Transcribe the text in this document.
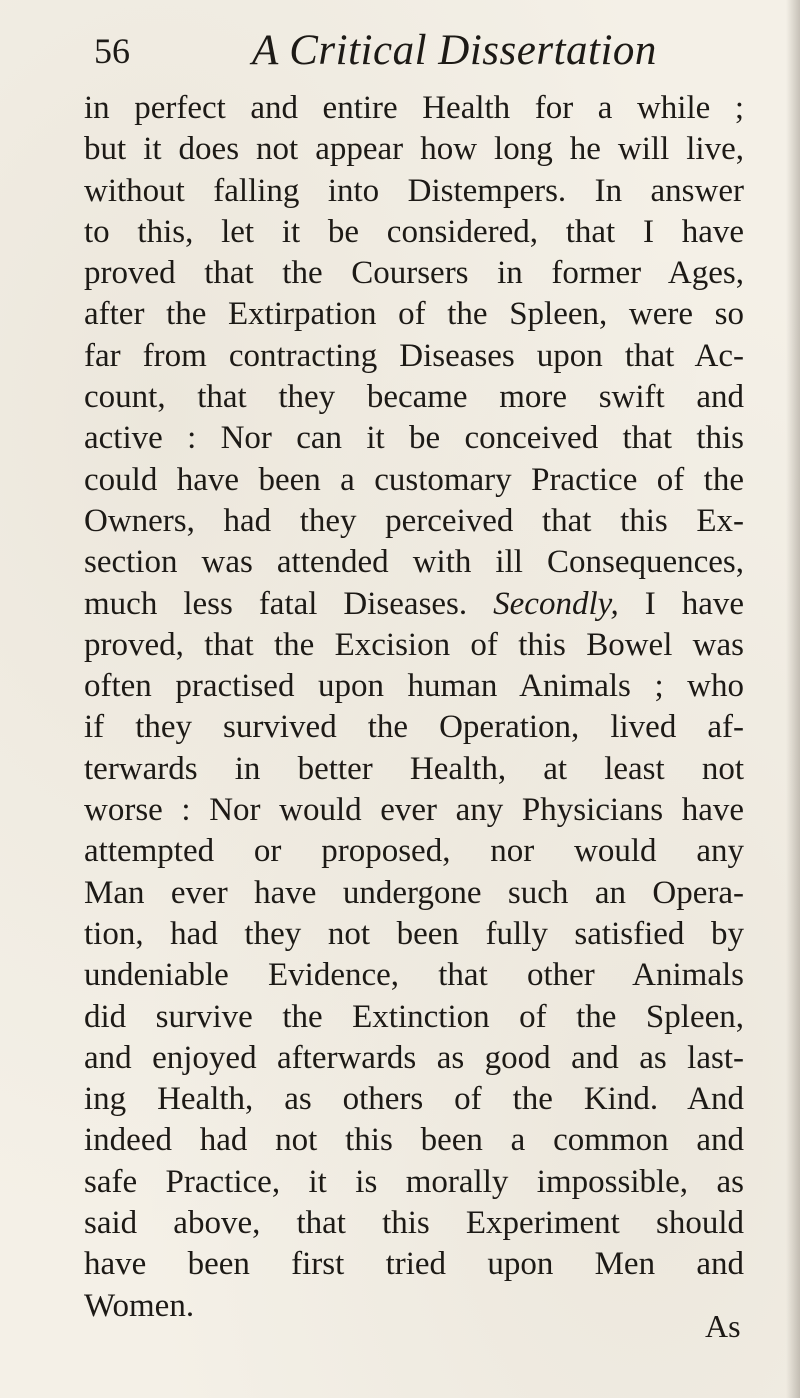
56	A Critical Dissertation
in perfect and entire Health for a while ;
but it does not appear how long he will live,
without falling into Distempers. In answer
to this, let it be considered, that I have
proved that the Coursers in former Ages,
after the Extirpation of the Spleen, were so
far from contracting Diseases upon that Ac-
count, that they became more swift and
active : Nor can it be conceived that this
could have been a customary Practice of the
Owners, had they perceived that this Ex-
section was attended with ill Consequences,
much less fatal Diseases. Secondly, I have
proved, that the Excision of this Bowel was
often practised upon human Animals ; who
if they survived the Operation, lived af-
terwards in better Health, at least not
worse : Nor would ever any Physicians have
attempted or proposed, nor would any
Man ever have undergone such an Opera-
tion, had they not been fully satisfied by
undeniable Evidence, that other Animals
did survive the Extinction of the Spleen,
and enjoyed afterwards as good and as last-
ing Health, as others of the Kind. And
indeed had not this been a common and
safe Practice, it is morally impossible, as
said above, that this Experiment should
have been first tried upon Men and
Women.
As
